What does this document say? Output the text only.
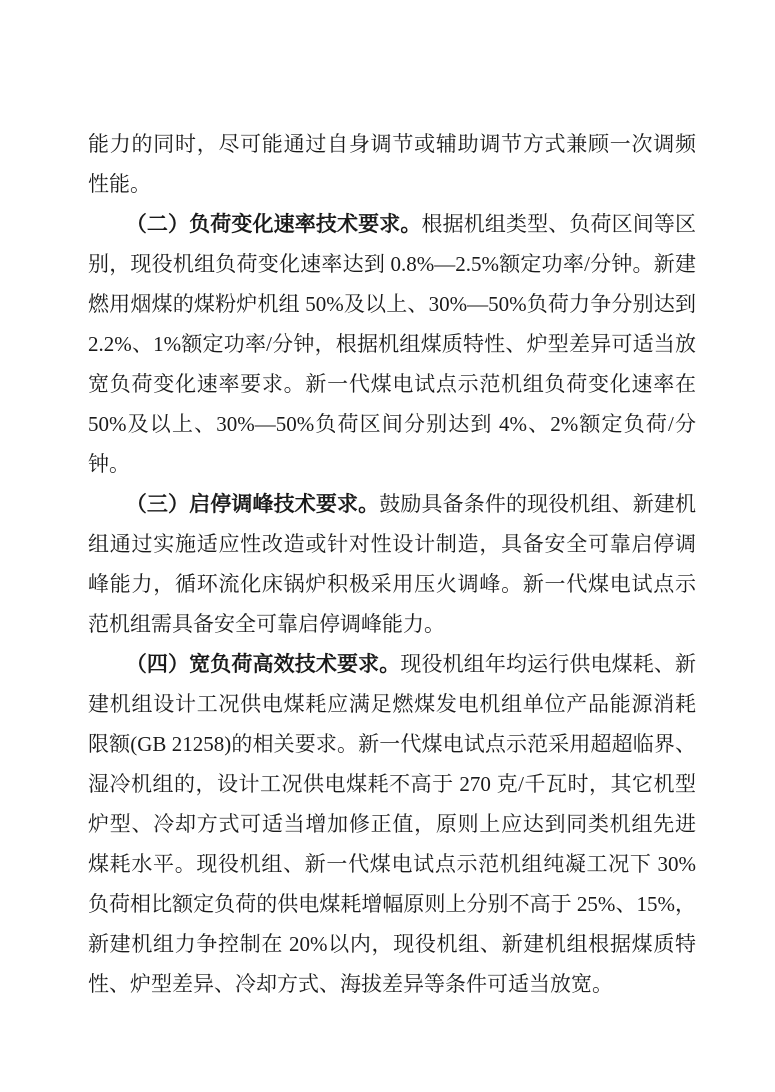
能力的同时，尽可能通过自身调节或辅助调节方式兼顾一次调频性能。

（二）负荷变化速率技术要求。根据机组类型、负荷区间等区别，现役机组负荷变化速率达到 0.8%—2.5%额定功率/分钟。新建燃用烟煤的煤粉炉机组 50%及以上、30%—50%负荷力争分别达到 2.2%、1%额定功率/分钟，根据机组煤质特性、炉型差异可适当放宽负荷变化速率要求。新一代煤电试点示范机组负荷变化速率在 50%及以上、30%—50%负荷区间分别达到 4%、2%额定负荷/分钟。

（三）启停调峰技术要求。鼓励具备条件的现役机组、新建机组通过实施适应性改造或针对性设计制造，具备安全可靠启停调峰能力，循环流化床锅炉积极采用压火调峰。新一代煤电试点示范机组需具备安全可靠启停调峰能力。

（四）宽负荷高效技术要求。现役机组年均运行供电煤耗、新建机组设计工况供电煤耗应满足燃煤发电机组单位产品能源消耗限额(GB 21258)的相关要求。新一代煤电试点示范采用超超临界、湿冷机组的，设计工况供电煤耗不高于 270 克/千瓦时，其它机型炉型、冷却方式可适当增加修正值，原则上应达到同类机组先进煤耗水平。现役机组、新一代煤电试点示范机组纯凝工况下 30%负荷相比额定负荷的供电煤耗增幅原则上分别不高于 25%、15%，新建机组力争控制在 20%以内，现役机组、新建机组根据煤质特性、炉型差异、冷却方式、海拔差异等条件可适当放宽。
